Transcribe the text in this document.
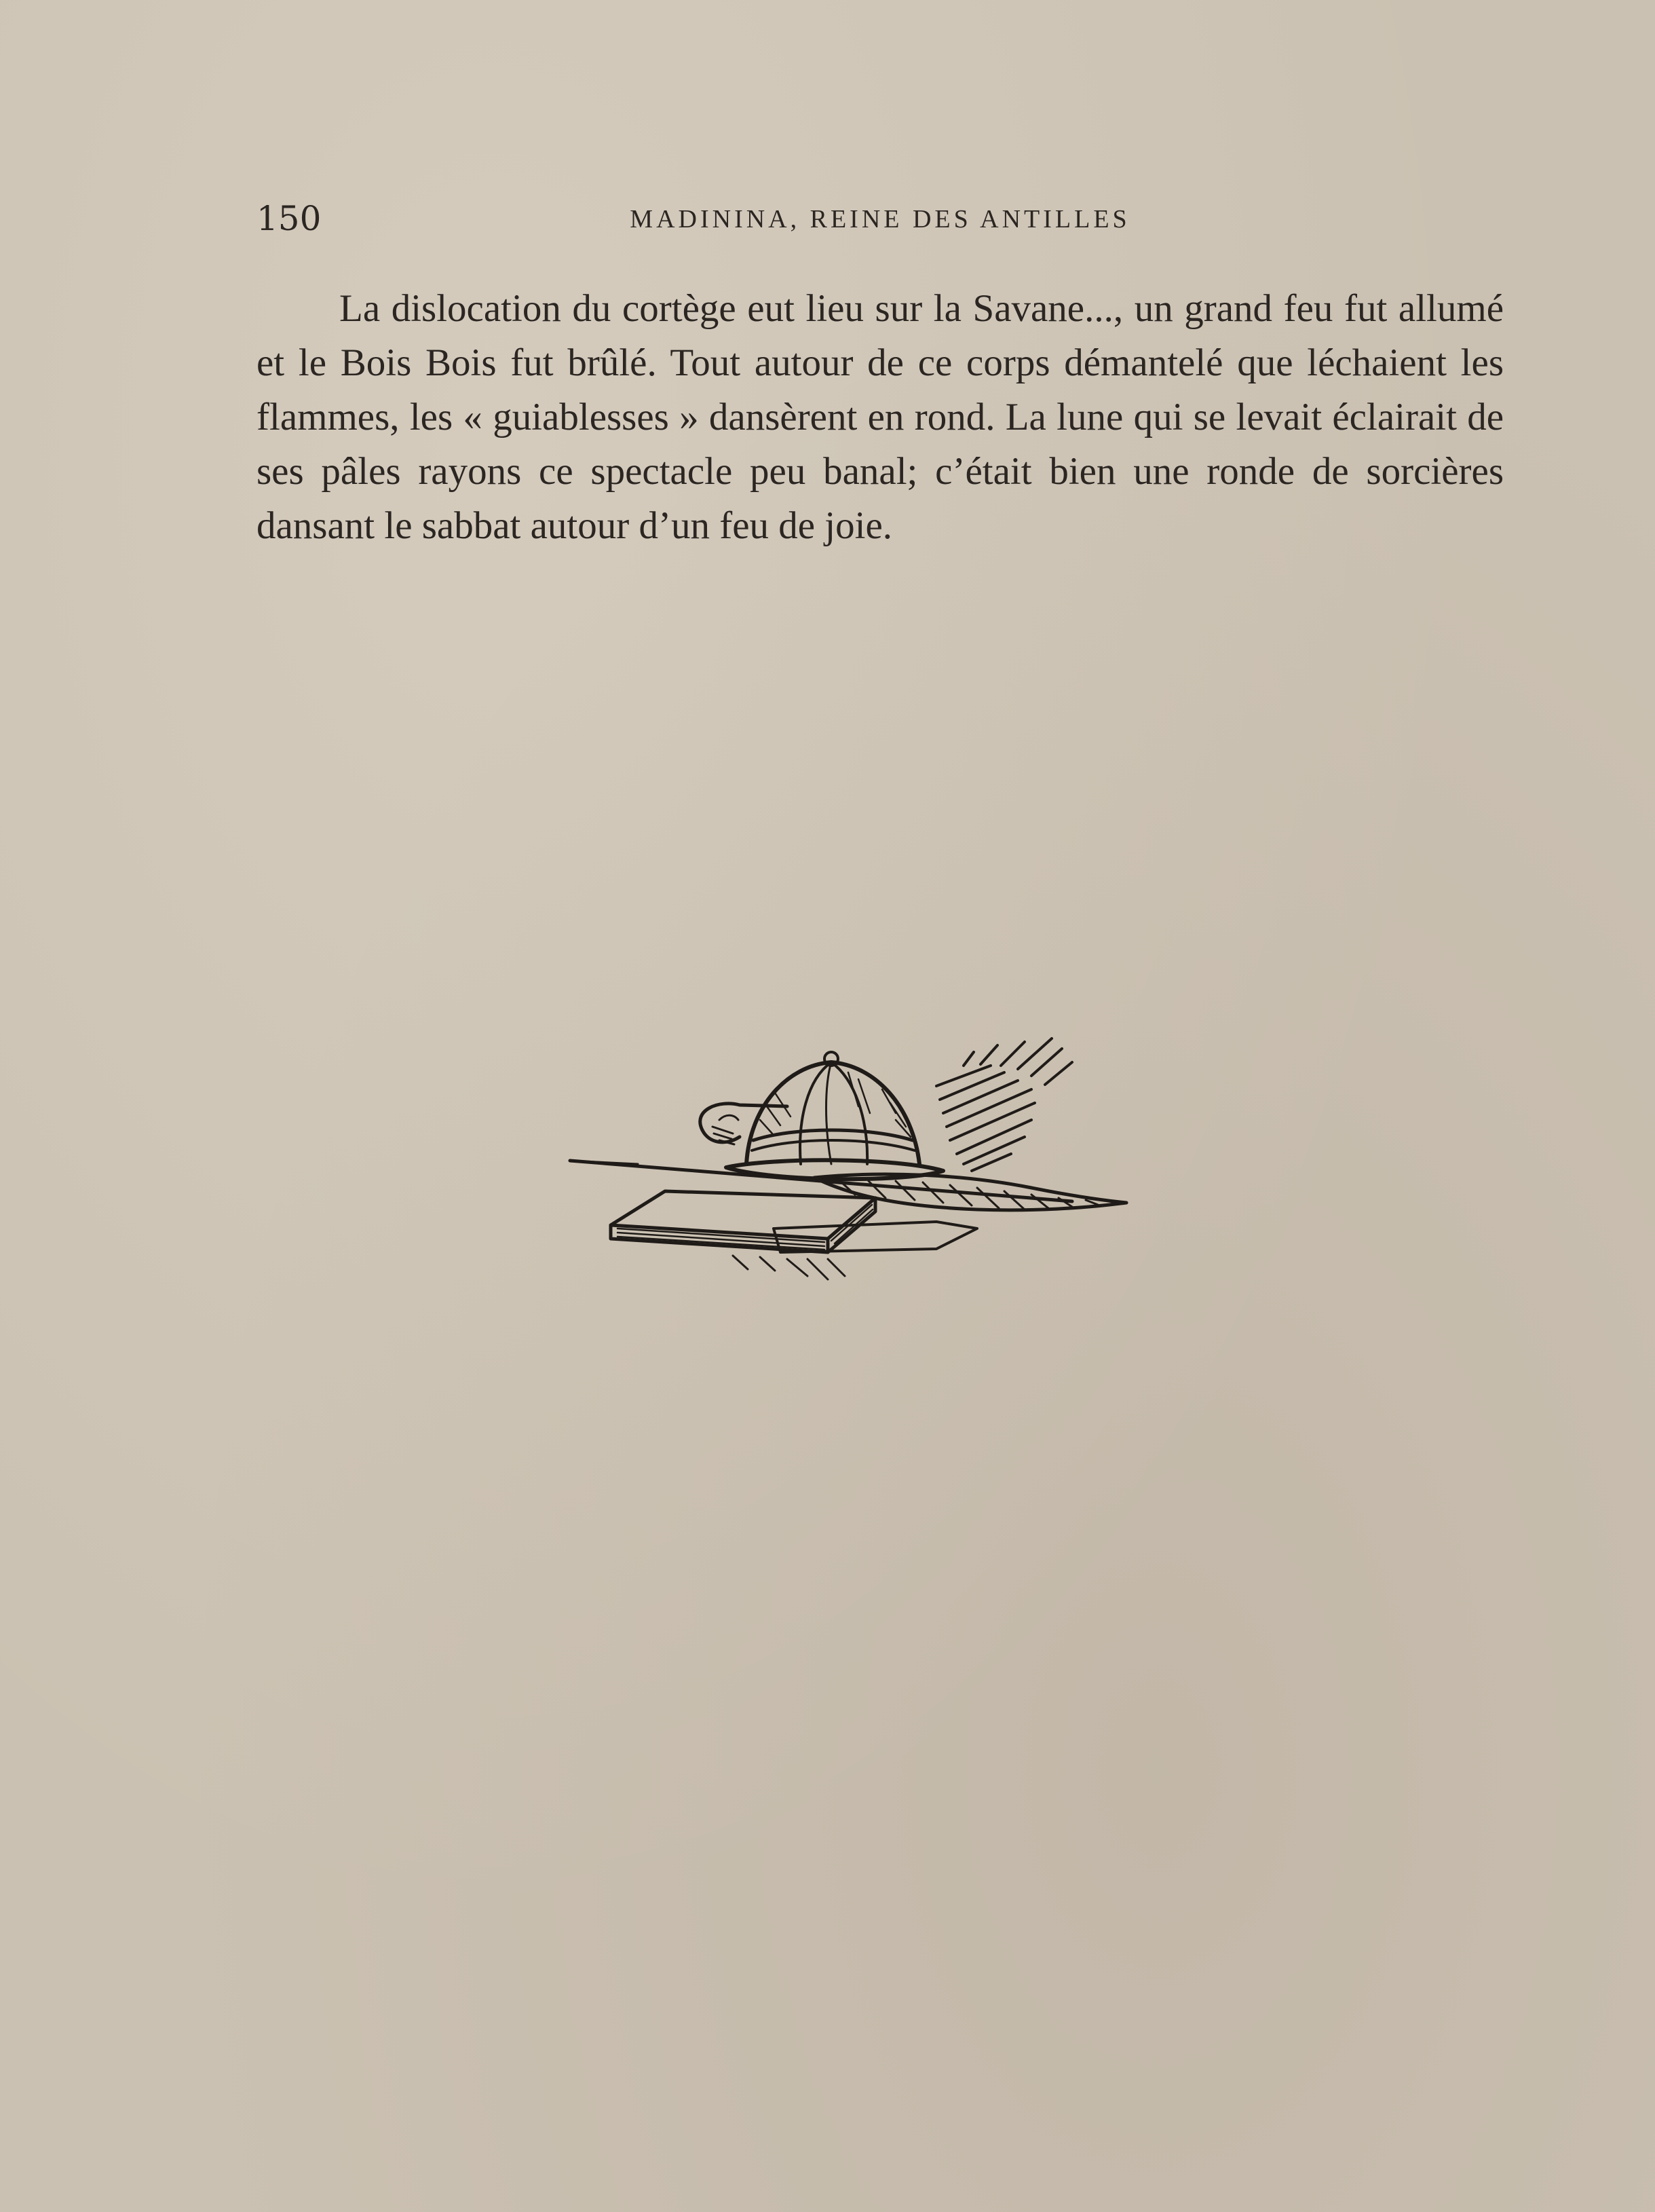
150	MADININA, REINE DES ANTILLES

La dislocation du cortège eut lieu sur la Savane..., un grand feu fut allumé et le Bois Bois fut brûlé. Tout autour de ce corps démantelé que léchaient les flammes, les « guiablesses » dansèrent en rond. La lune qui se levait éclairait de ses pâles rayons ce spectacle peu banal; c’était bien une ronde de sorcières dansant le sabbat autour d’un feu de joie.
